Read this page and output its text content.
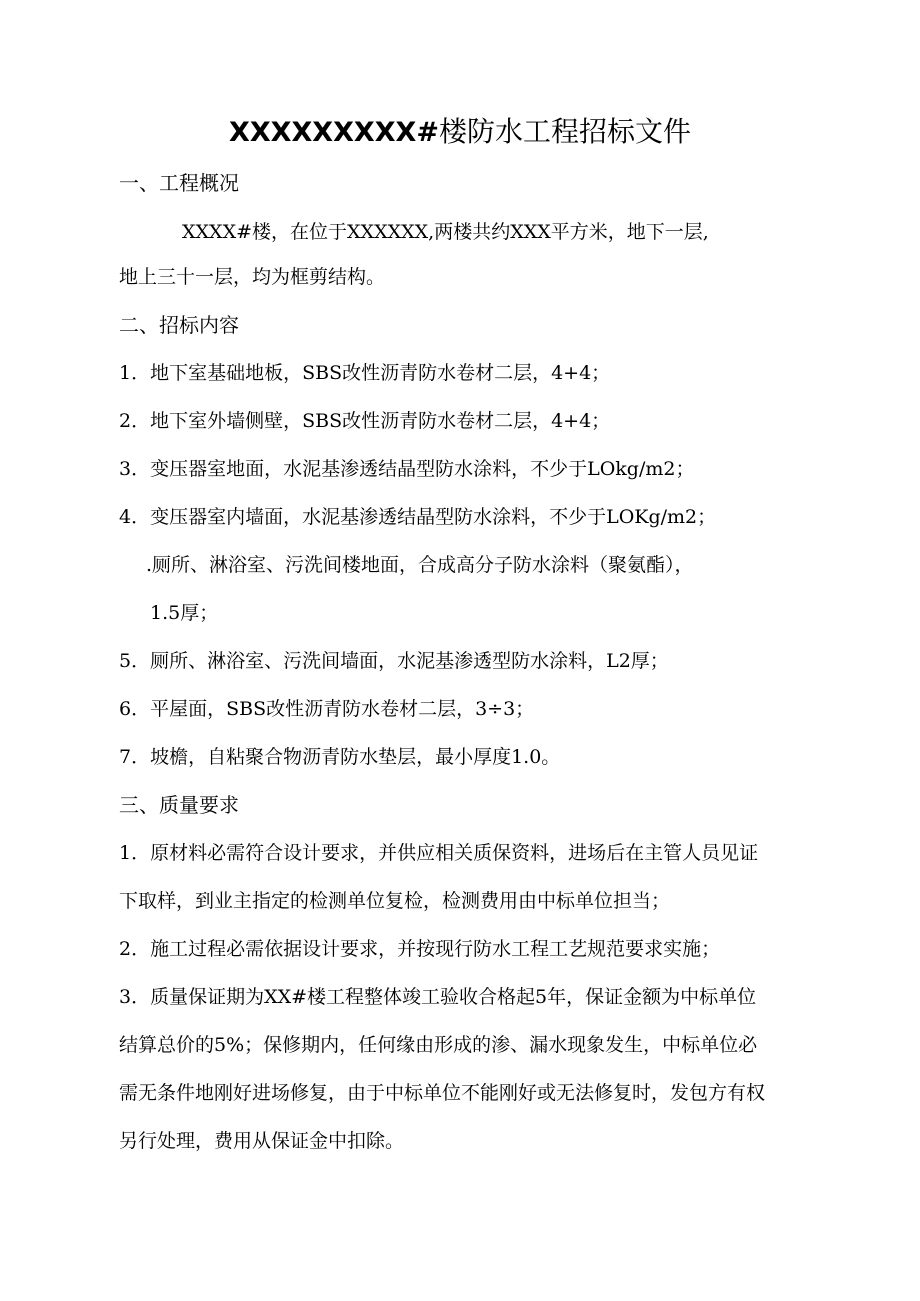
XXXXXXXXX#楼防水工程招标文件
一、工程概况
XXXX#楼，在位于XXXXXX,两楼共约XXX平方米，地下一层,
地上三十一层，均为框剪结构。
二、招标内容
1．地下室基础地板，SBS改性沥青防水卷材二层，4+4；
2．地下室外墙侧壁，SBS改性沥青防水卷材二层，4+4；
3．变压器室地面，水泥基渗透结晶型防水涂料，不少于LOkg/m2；
4．变压器室内墙面，水泥基渗透结晶型防水涂料，不少于LOKg/m2；
.厕所、淋浴室、污洗间楼地面，合成高分子防水涂料（聚氨酯），
1.5厚；
5．厕所、淋浴室、污洗间墙面，水泥基渗透型防水涂料，L2厚；
6．平屋面，SBS改性沥青防水卷材二层，3÷3；
7．坡檐，自粘聚合物沥青防水垫层，最小厚度1.0。
三、质量要求
1．原材料必需符合设计要求，并供应相关质保资料，进场后在主管人员见证
下取样，到业主指定的检测单位复检，检测费用由中标单位担当；
2．施工过程必需依据设计要求，并按现行防水工程工艺规范要求实施；
3．质量保证期为XX#楼工程整体竣工验收合格起5年，保证金额为中标单位
结算总价的5%；保修期内，任何缘由形成的渗、漏水现象发生，中标单位必
需无条件地刚好进场修复，由于中标单位不能刚好或无法修复时，发包方有权
另行处理，费用从保证金中扣除。
